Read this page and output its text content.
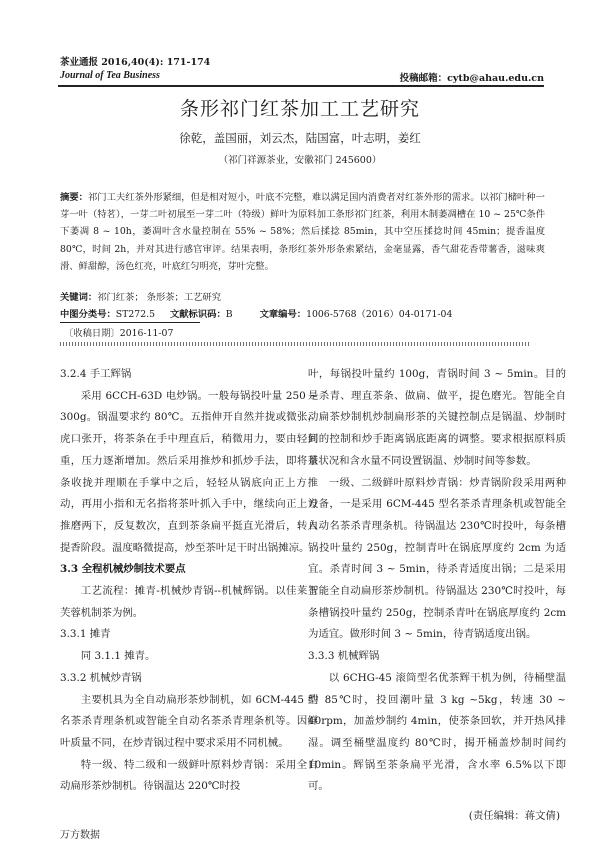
茶业通报 2016,40(4): 171-174
Journal of Tea Business	投稿邮箱：cytb@ahau.edu.cn
条形祁门红茶加工工艺研究
徐乾，盖国丽，刘云杰，陆国富，叶志明，姜红
（祁门祥源茶业，安徽祁门 245600）
摘要：祁门工夫红茶外形紧细，但是相对短小，叶底不完整，难以满足国内消费者对红茶外形的需求。以祁门槠叶种一芽一叶（特茗），一芽二叶初展至一芽二叶（特级）鲜叶为原料加工条形祁门红茶，利用木制萎凋槽在 10 ~ 25℃条件下萎凋 8 ~ 10h，萎凋叶含水量控制在 55% ~ 58%；然后揉捻 85min，其中空压揉捻时间 45min；提香温度 80℃，时间 2h，并对其进行感官审评。结果表明，条形红茶外形条索紧结，金毫显露，香气甜花香带薯香，滋味爽滑、鲜甜醇，汤色红亮，叶底红匀明亮，芽叶完整。
关键词：祁门红茶； 条形茶；工艺研究
中图分类号：ST272.5 文献标识码：B	文章编号：1006-5768（2016）04-0171-04
〔收稿日期〕2016-11-07

3.2.4 手工辉锅

采用 6CCH-63D 电炒锅。一般每锅投叶量 250 ~ 300g。锅温要求约 80℃。五指伸开自然并拢或微张，虎口张开，将茶条在手中理直后，稍微用力，要由轻到重，压力逐渐增加。然后采用推炒和抓炒手法，即将茶条收拢并理顺在手掌中之后，轻轻从锅底向正上方推动，再用小指和无名指将茶叶抓入手中，继续向正上方推磨两下，反复数次，直到茶条扁平挺直光滑后，转入提香阶段。温度略微提高，炒至茶叶足干时出锅摊凉。

3.3 全程机械炒制技术要点

工艺流程：摊青-机械炒青锅--机械辉锅。以佳莱玉芙蓉机制茶为例。

3.3.1 摊青

同 3.1.1 摊青。

3.3.2 机械炒青锅

主要机具为全自动扁形茶炒制机，如 6CM-445 型名茶杀青理条机或智能全自动名茶杀青理条机等。因鲜叶质量不同，在炒青锅过程中要求采用不同机械。

特一级、特二级和一级鲜叶原料炒青锅：采用全自动扁形茶炒制机。待锅温达 220℃时投

叶，每锅投叶量约 100g，青锅时间 3 ~ 5min。目的是杀青、理直茶条、做扁、做平，提色磨光。智能全自动扁茶炒制机炒制扁形茶的关键控制点是锅温、炒制时间的控制和炒手距离锅底距离的调整。要求根据原料质量状况和含水量不同设置锅温、炒制时间等参数。

一级、二级鲜叶原料炒青锅：炒青锅阶段采用两种设备，一是采用 6CM-445 型名茶杀青理条机或智能全自动名茶杀青理条机。待锅温达 230℃时投叶，每条槽锅投叶量约 250g，控制青叶在锅底厚度约 2cm 为适宜。杀青时间 3 ~ 5min，待杀青适度出锅；二是采用智能全自动扁形茶炒制机。待锅温达 230℃时投叶，每条槽锅投叶量约 250g，控制杀青叶在锅底厚度约 2cm 为适宜。做形时间 3 ~ 5min，待青锅适度出锅。

3.3.3 机械辉锅

以 6CHG-45 滚筒型名优茶辉干机为例，待桶壁温约 85℃时，投回潮叶量 3 kg ~5kg，转速 30 ~ 40rpm，加盖炒制约 4min，使茶条回软，并开热风排湿。调至桶壁温度约 80℃时，揭开桶盖炒制时间约 10min。辉锅至茶条扁平光滑，含水率 6.5%以下即可。

(责任编辑：蒋文倩)

万方数据
